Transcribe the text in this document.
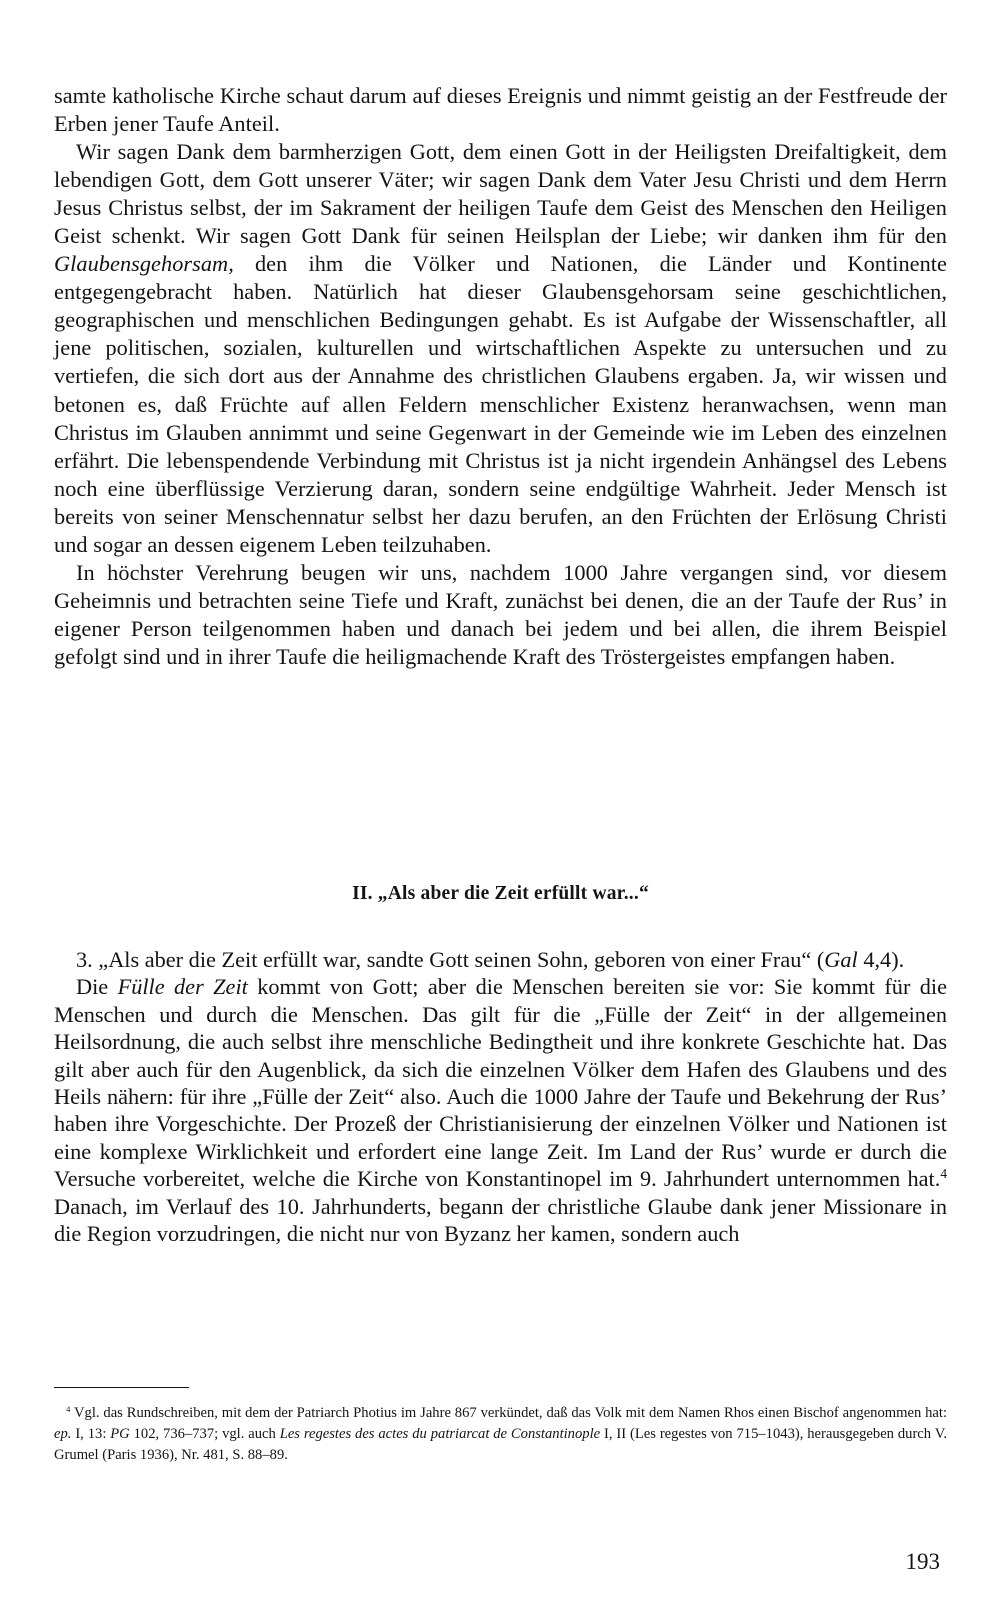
samte katholische Kirche schaut darum auf dieses Ereignis und nimmt geistig an der Festfreude der Erben jener Taufe Anteil.

Wir sagen Dank dem barmherzigen Gott, dem einen Gott in der Heiligsten Dreifaltigkeit, dem lebendigen Gott, dem Gott unserer Väter; wir sagen Dank dem Vater Jesu Christi und dem Herrn Jesus Christus selbst, der im Sakrament der heiligen Taufe dem Geist des Menschen den Heiligen Geist schenkt. Wir sagen Gott Dank für seinen Heilsplan der Liebe; wir danken ihm für den Glaubensgehorsam, den ihm die Völker und Nationen, die Länder und Kontinente entgegengebracht haben. Natürlich hat dieser Glaubensgehorsam seine geschichtlichen, geographischen und menschlichen Bedingungen gehabt. Es ist Aufgabe der Wissenschaftler, all jene politischen, sozialen, kulturellen und wirtschaftlichen Aspekte zu untersuchen und zu vertiefen, die sich dort aus der Annahme des christlichen Glaubens ergaben. Ja, wir wissen und betonen es, daß Früchte auf allen Feldern menschlicher Existenz heranwachsen, wenn man Christus im Glauben annimmt und seine Gegenwart in der Gemeinde wie im Leben des einzelnen erfährt. Die lebenspendende Verbindung mit Christus ist ja nicht irgendein Anhängsel des Lebens noch eine überflüssige Verzierung daran, sondern seine endgültige Wahrheit. Jeder Mensch ist bereits von seiner Menschennatur selbst her dazu berufen, an den Früchten der Erlösung Christi und sogar an dessen eigenem Leben teilzuhaben.

In höchster Verehrung beugen wir uns, nachdem 1000 Jahre vergangen sind, vor diesem Geheimnis und betrachten seine Tiefe und Kraft, zunächst bei denen, die an der Taufe der Rus’ in eigener Person teilgenommen haben und danach bei jedem und bei allen, die ihrem Beispiel gefolgt sind und in ihrer Taufe die heiligmachende Kraft des Tröstergeistes empfangen haben.

II. „Als aber die Zeit erfüllt war...“

3. „Als aber die Zeit erfüllt war, sandte Gott seinen Sohn, geboren von einer Frau“ (Gal 4,4).

Die Fülle der Zeit kommt von Gott; aber die Menschen bereiten sie vor: Sie kommt für die Menschen und durch die Menschen. Das gilt für die „Fülle der Zeit“ in der allgemeinen Heilsordnung, die auch selbst ihre menschliche Bedingtheit und ihre konkrete Geschichte hat. Das gilt aber auch für den Augenblick, da sich die einzelnen Völker dem Hafen des Glaubens und des Heils nähern: für ihre „Fülle der Zeit“ also. Auch die 1000 Jahre der Taufe und Bekehrung der Rus’ haben ihre Vorgeschichte. Der Prozeß der Christianisierung der einzelnen Völker und Nationen ist eine komplexe Wirklichkeit und erfordert eine lange Zeit. Im Land der Rus’ wurde er durch die Versuche vorbereitet, welche die Kirche von Konstantinopel im 9. Jahrhundert unternommen hat.$^4$ Danach, im Verlauf des 10. Jahrhunderts, begann der christliche Glaube dank jener Missionare in die Region vorzudringen, die nicht nur von Byzanz her kamen, sondern auch

$^4$ Vgl. das Rundschreiben, mit dem der Patriarch Photius im Jahre 867 verkündet, daß das Volk mit dem Namen Rhos einen Bischof angenommen hat: ep. I, 13: PG 102, 736–737; vgl. auch Les regestes des actes du patriarcat de Constantinople I, II (Les regestes von 715–1043), herausgegeben durch V. Grumel (Paris 1936), Nr. 481, S. 88–89.
193
